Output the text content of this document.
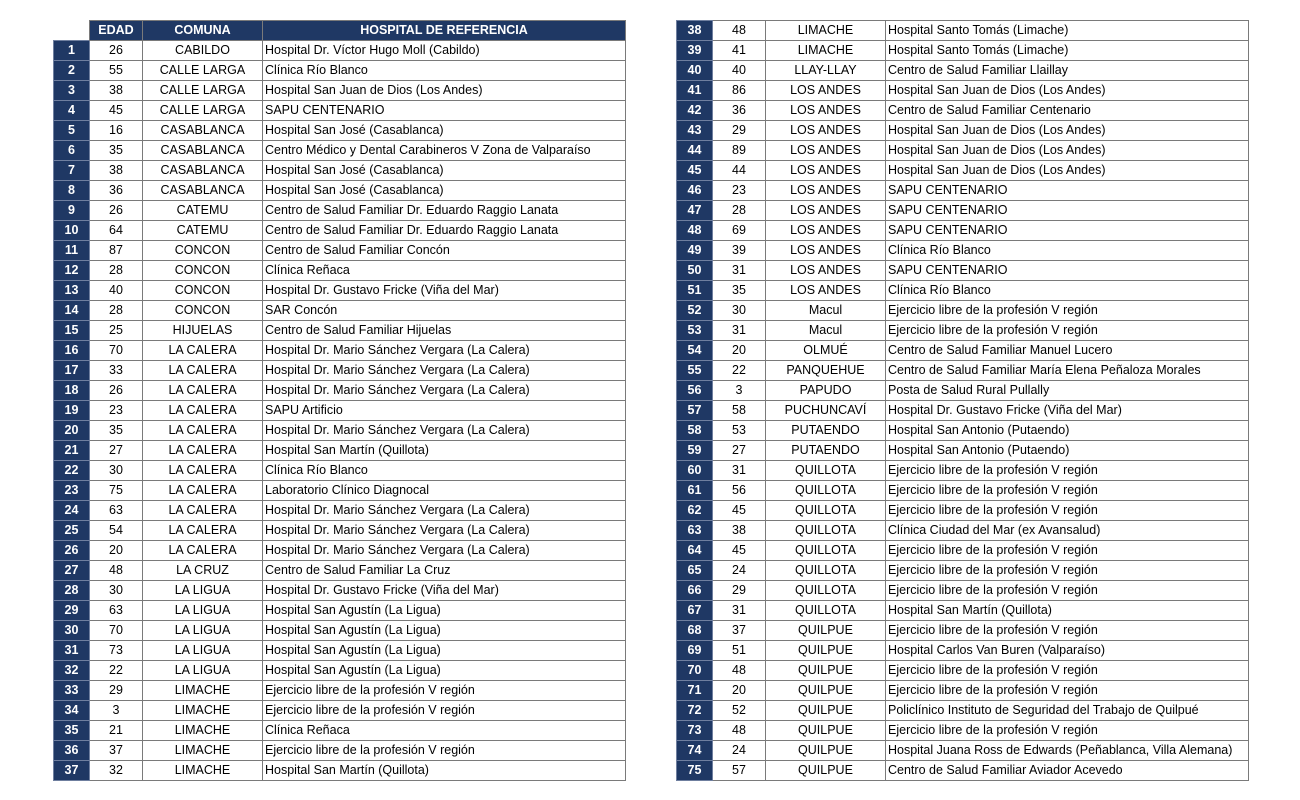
	EDAD	COMUNA	HOSPITAL DE REFERENCIA
1	26	CABILDO	Hospital Dr. Víctor Hugo Moll (Cabildo)
2	55	CALLE LARGA	Clínica Río Blanco
3	38	CALLE LARGA	Hospital San Juan de Dios (Los Andes)
4	45	CALLE LARGA	SAPU CENTENARIO
5	16	CASABLANCA	Hospital San José (Casablanca)
6	35	CASABLANCA	Centro Médico y Dental Carabineros V Zona de Valparaíso
7	38	CASABLANCA	Hospital San José (Casablanca)
8	36	CASABLANCA	Hospital San José (Casablanca)
9	26	CATEMU	Centro de Salud Familiar Dr. Eduardo Raggio Lanata
10	64	CATEMU	Centro de Salud Familiar Dr. Eduardo Raggio Lanata
11	87	CONCON	Centro de Salud Familiar Concón
12	28	CONCON	Clínica Reñaca
13	40	CONCON	Hospital Dr. Gustavo Fricke (Viña del Mar)
14	28	CONCON	SAR Concón
15	25	HIJUELAS	Centro de Salud Familiar Hijuelas
16	70	LA CALERA	Hospital Dr. Mario Sánchez Vergara (La Calera)
17	33	LA CALERA	Hospital Dr. Mario Sánchez Vergara (La Calera)
18	26	LA CALERA	Hospital Dr. Mario Sánchez Vergara (La Calera)
19	23	LA CALERA	SAPU Artificio
20	35	LA CALERA	Hospital Dr. Mario Sánchez Vergara (La Calera)
21	27	LA CALERA	Hospital San Martín (Quillota)
22	30	LA CALERA	Clínica Río Blanco
23	75	LA CALERA	Laboratorio Clínico Diagnocal
24	63	LA CALERA	Hospital Dr. Mario Sánchez Vergara (La Calera)
25	54	LA CALERA	Hospital Dr. Mario Sánchez Vergara (La Calera)
26	20	LA CALERA	Hospital Dr. Mario Sánchez Vergara (La Calera)
27	48	LA CRUZ	Centro de Salud Familiar La Cruz
28	30	LA LIGUA	Hospital Dr. Gustavo Fricke (Viña del Mar)
29	63	LA LIGUA	Hospital San Agustín (La Ligua)
30	70	LA LIGUA	Hospital San Agustín (La Ligua)
31	73	LA LIGUA	Hospital San Agustín (La Ligua)
32	22	LA LIGUA	Hospital San Agustín (La Ligua)
33	29	LIMACHE	Ejercicio libre de la profesión V región
34	3	LIMACHE	Ejercicio libre de la profesión V región
35	21	LIMACHE	Clínica Reñaca
36	37	LIMACHE	Ejercicio libre de la profesión V región
37	32	LIMACHE	Hospital San Martín (Quillota)
38	48	LIMACHE	Hospital Santo Tomás (Limache)
39	41	LIMACHE	Hospital Santo Tomás (Limache)
40	40	LLAY-LLAY	Centro de Salud Familiar Llaillay
41	86	LOS ANDES	Hospital San Juan de Dios (Los Andes)
42	36	LOS ANDES	Centro de Salud Familiar Centenario
43	29	LOS ANDES	Hospital San Juan de Dios (Los Andes)
44	89	LOS ANDES	Hospital San Juan de Dios (Los Andes)
45	44	LOS ANDES	Hospital San Juan de Dios (Los Andes)
46	23	LOS ANDES	SAPU CENTENARIO
47	28	LOS ANDES	SAPU CENTENARIO
48	69	LOS ANDES	SAPU CENTENARIO
49	39	LOS ANDES	Clínica Río Blanco
50	31	LOS ANDES	SAPU CENTENARIO
51	35	LOS ANDES	Clínica Río Blanco
52	30	Macul	Ejercicio libre de la profesión V región
53	31	Macul	Ejercicio libre de la profesión V región
54	20	OLMUÉ	Centro de Salud Familiar Manuel Lucero
55	22	PANQUEHUE	Centro de Salud Familiar María Elena Peñaloza Morales
56	3	PAPUDO	Posta de Salud Rural Pullally
57	58	PUCHUNCAVÍ	Hospital Dr. Gustavo Fricke (Viña del Mar)
58	53	PUTAENDO	Hospital San Antonio (Putaendo)
59	27	PUTAENDO	Hospital San Antonio (Putaendo)
60	31	QUILLOTA	Ejercicio libre de la profesión V región
61	56	QUILLOTA	Ejercicio libre de la profesión V región
62	45	QUILLOTA	Ejercicio libre de la profesión V región
63	38	QUILLOTA	Clínica Ciudad del Mar (ex Avansalud)
64	45	QUILLOTA	Ejercicio libre de la profesión V región
65	24	QUILLOTA	Ejercicio libre de la profesión V región
66	29	QUILLOTA	Ejercicio libre de la profesión V región
67	31	QUILLOTA	Hospital San Martín (Quillota)
68	37	QUILPUE	Ejercicio libre de la profesión V región
69	51	QUILPUE	Hospital Carlos Van Buren (Valparaíso)
70	48	QUILPUE	Ejercicio libre de la profesión V región
71	20	QUILPUE	Ejercicio libre de la profesión V región
72	52	QUILPUE	Policlínico Instituto de Seguridad del Trabajo de Quilpué
73	48	QUILPUE	Ejercicio libre de la profesión V región
74	24	QUILPUE	Hospital Juana Ross de Edwards (Peñablanca, Villa Alemana)
75	57	QUILPUE	Centro de Salud Familiar Aviador Acevedo
